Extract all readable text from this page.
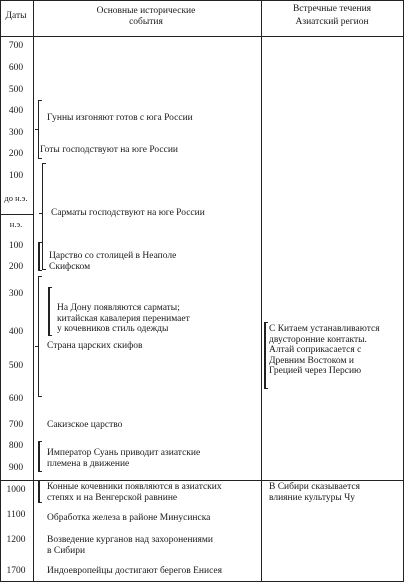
Даты	Основные исторические
события
Встречные течения
Азиатский регион
700
600
500
400
300
200
100
до н.э.
н.э.
100
200
300
400
500
600
700
800
900
1000
1100
1200
1700
Гунны изгоняют готов с юга России
Готы господствуют на юге России
Сарматы господствуют на юге России
Царство со столицей в Неаполе
Скифском
На Дону появляются сарматы;
китайская кавалерия перенимает
у кочевников стиль одежды
Страна царских скифов
Сакизское царство
Император Суань приводит азиатские
племена в движение
Конные кочевники появляются в азиатских
степях и на Венгерской равнине
Обработка железа в районе Минусинска
Возведение курганов над захоронениями
в Сибири
Индоевропейцы достигают берегов Енисея
С Китаем устанавливаются
двусторонние контакты.
Алтай соприкасается с
Древним Востоком и
Грецией через Персию
В Сибири сказывается
влияние культуры Чу
